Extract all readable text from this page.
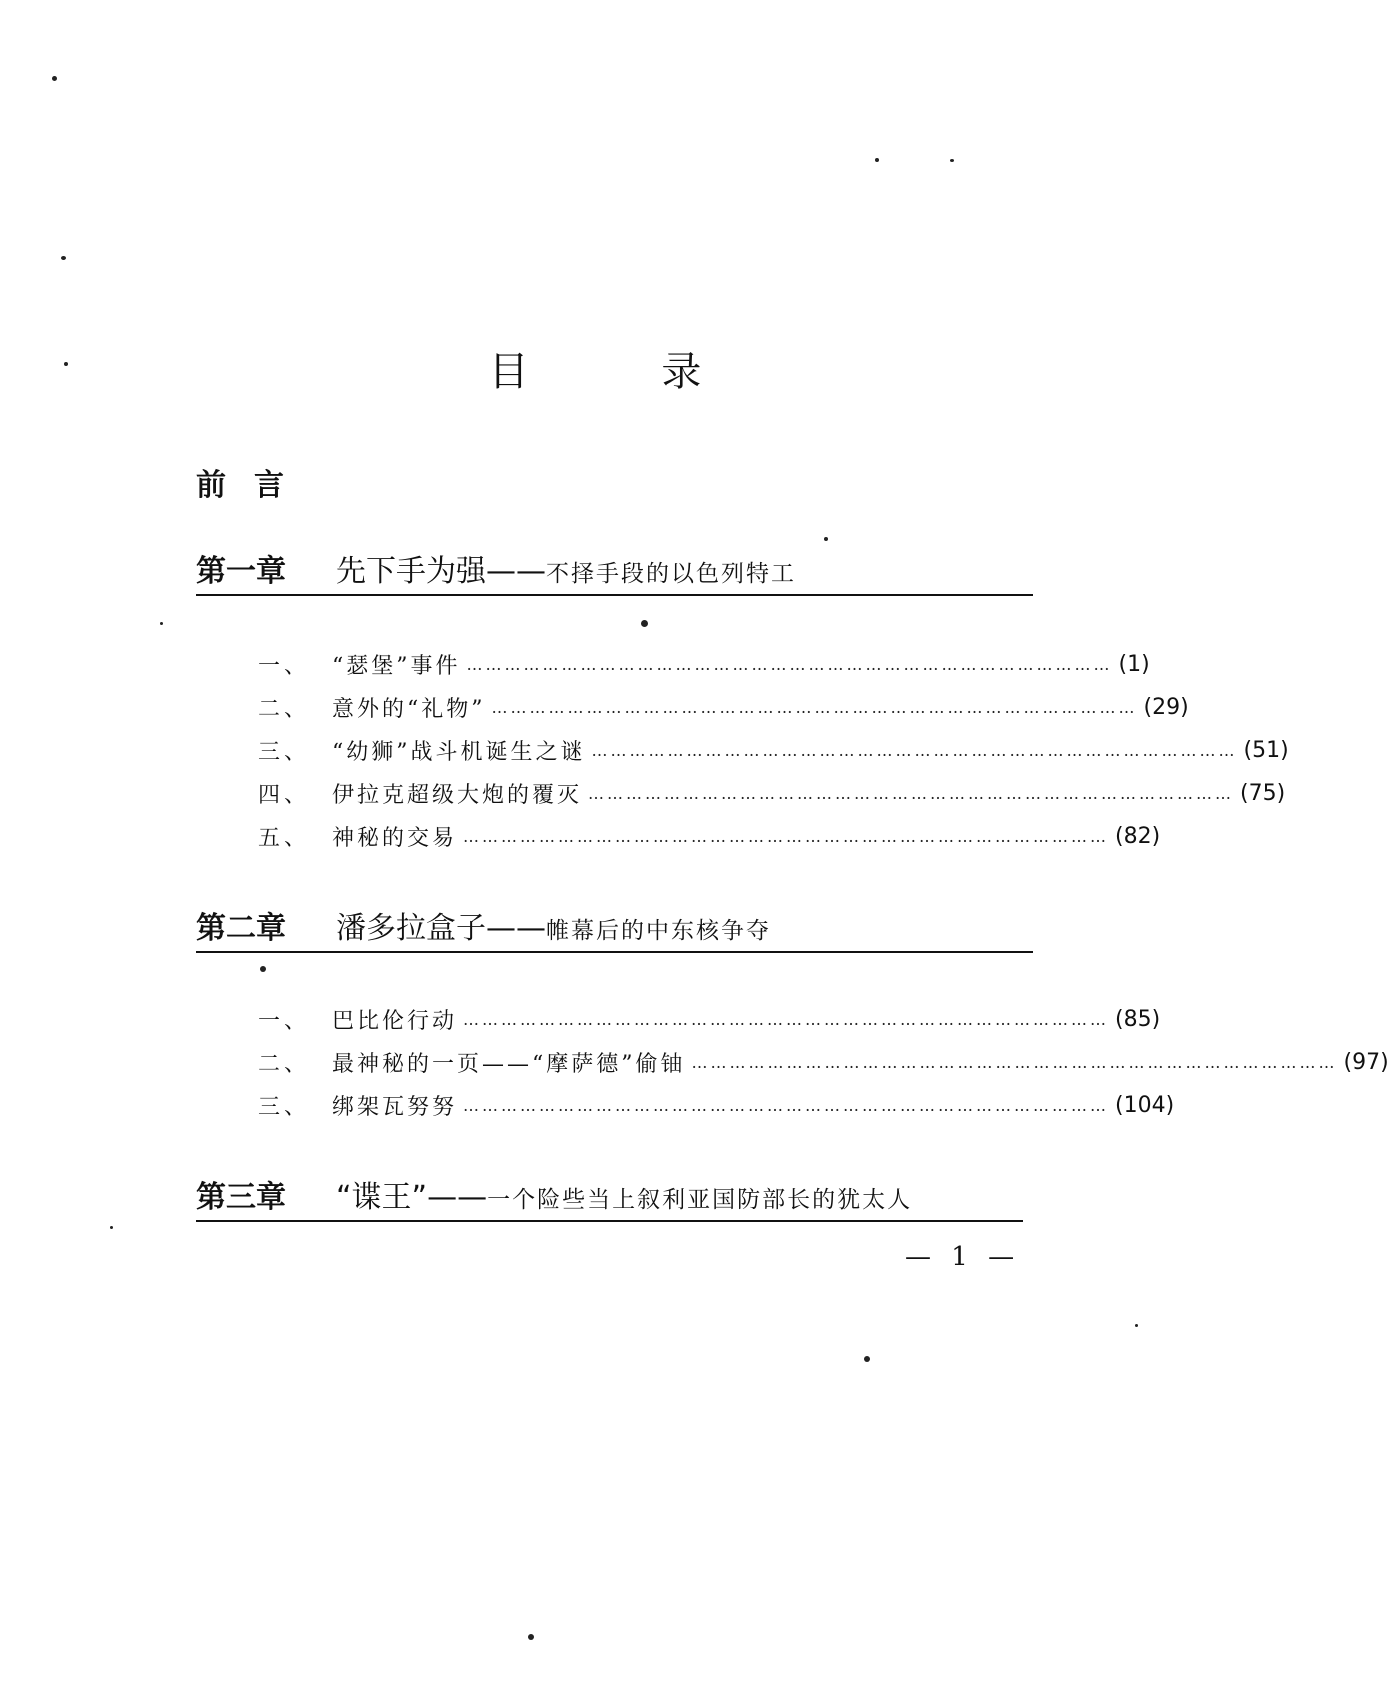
目 录
前言
第一章 先下手为强——不择手段的以色列特工
一、 “瑟堡”事件 ………………………………………………………………………………………… (1)
二、 意外的“礼物” ………………………………………………………………………………………… (29)
三、 “幼狮”战斗机诞生之谜 ………………………………………………………………………………………… (51)
四、 伊拉克超级大炮的覆灭 ………………………………………………………………………………………… (75)
五、 神秘的交易 ………………………………………………………………………………………… (82)
第二章 潘多拉盒子——帷幕后的中东核争夺
一、 巴比伦行动 ………………………………………………………………………………………… (85)
二、 最神秘的一页——“摩萨德”偷铀 ………………………………………………………………………………………… (97)
三、 绑架瓦努努 ………………………………………………………………………………………… (104)
第三章 “谍王”——一个险些当上叙利亚国防部长的犹太人
— 1 —
